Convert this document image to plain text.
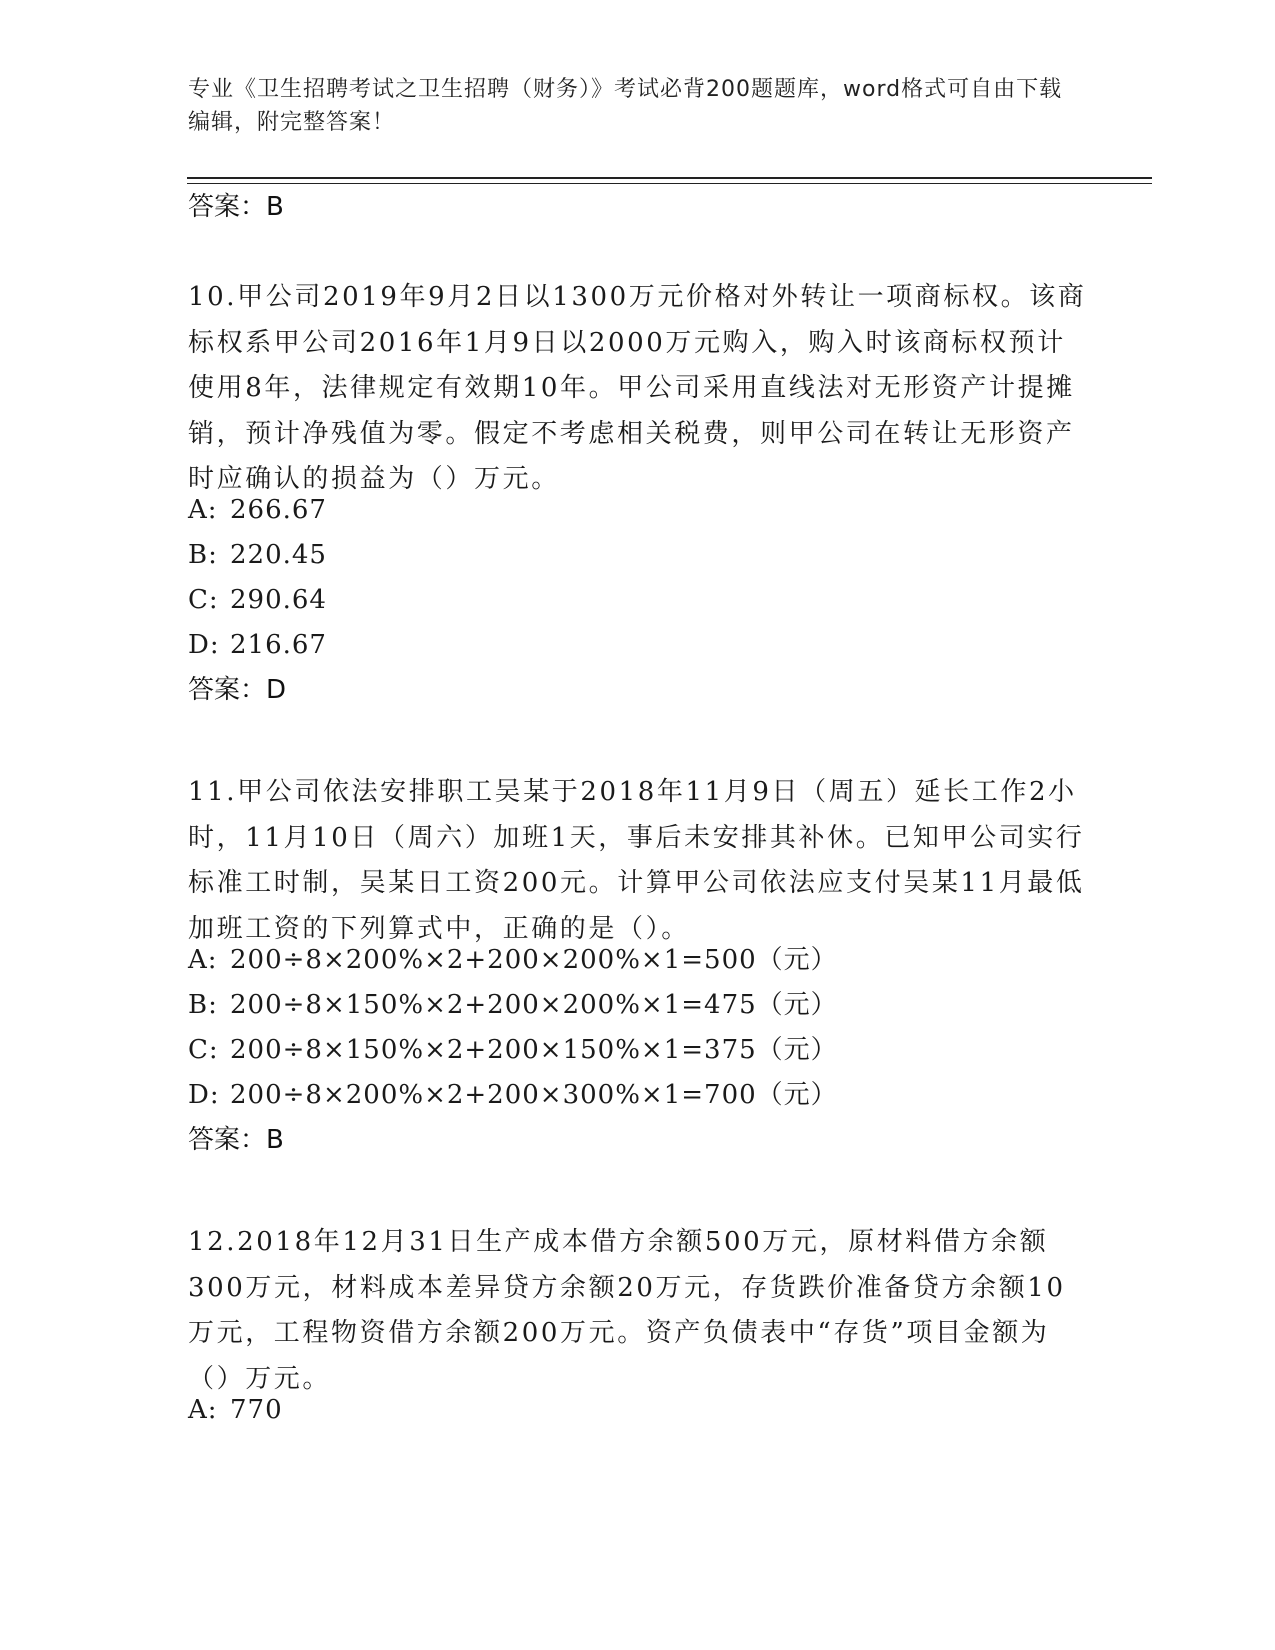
专业《卫生招聘考试之卫生招聘（财务）》考试必背200题题库，word格式可自由下载编辑，附完整答案！
答案：B
10.甲公司2019年9月2日以1300万元价格对外转让一项商标权。该商标权系甲公司2016年1月9日以2000万元购入，购入时该商标权预计使用8年，法律规定有效期10年。甲公司采用直线法对无形资产计提摊销，预计净残值为零。假定不考虑相关税费，则甲公司在转让无形资产时应确认的损益为（）万元。
A: 266.67
B: 220.45
C: 290.64
D: 216.67
答案：D
11.甲公司依法安排职工吴某于2018年11月9日（周五）延长工作2小时，11月10日（周六）加班1天，事后未安排其补休。已知甲公司实行标准工时制，吴某日工资200元。计算甲公司依法应支付吴某11月最低加班工资的下列算式中，正确的是（）。
A: 200÷8×200%×2+200×200%×1=500（元）
B: 200÷8×150%×2+200×200%×1=475（元）
C: 200÷8×150%×2+200×150%×1=375（元）
D: 200÷8×200%×2+200×300%×1=700（元）
答案：B
12.2018年12月31日生产成本借方余额500万元，原材料借方余额300万元，材料成本差异贷方余额20万元，存货跌价准备贷方余额10万元，工程物资借方余额200万元。资产负债表中“存货”项目金额为（）万元。
A: 770
